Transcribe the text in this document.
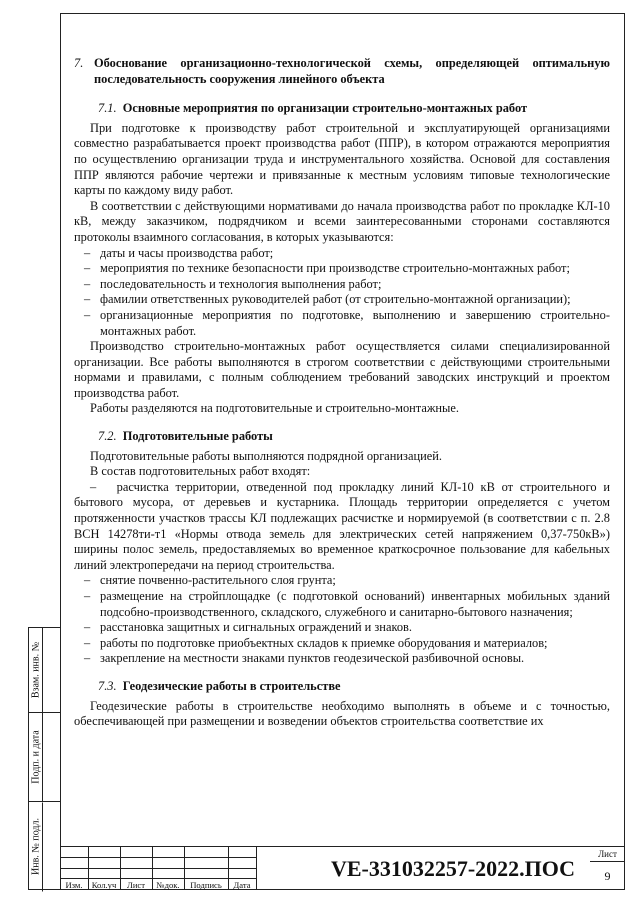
Взам. инв. №
Подп. и дата
Инв. № подл.

7. Обоснование организационно-технологической схемы, определяющей оптимальную последовательность сооружения линейного объекта

7.1. Основные мероприятия по организации строительно-монтажных работ

При подготовке к производству работ строительной и эксплуатирующей организациями совместно разрабатывается проект производства работ (ППР), в котором отражаются мероприятия по осуществлению организации труда и инструментального хозяйства. Основой для составления ППР являются рабочие чертежи и привязанные к местным условиям типовые технологические карты по каждому виду работ.

В соответствии с действующими нормативами до начала производства работ по прокладке КЛ-10 кВ, между заказчиком, подрядчиком и всеми заинтересованными сторонами составляются протоколы взаимного согласования, в которых указываются:

– даты и часы производства работ;
– мероприятия по технике безопасности при производстве строительно-монтажных работ;
– последовательность и технология выполнения работ;
– фамилии ответственных руководителей работ (от строительно-монтажной организации);
– организационные мероприятия по подготовке, выполнению и завершению строительно-монтажных работ.

Производство строительно-монтажных работ осуществляется силами специализированной организации. Все работы выполняются в строгом соответствии с действующими строительными нормами и правилами, с полным соблюдением требований заводских инструкций и проектом производства работ.

Работы разделяются на подготовительные и строительно-монтажные.

7.2. Подготовительные работы

Подготовительные работы выполняются подрядной организацией.

В состав подготовительных работ входят:

– расчистка территории, отведенной под прокладку линий КЛ-10 кВ от строительного и бытового мусора, от деревьев и кустарника. Площадь территории определяется с учетом протяженности участков трассы КЛ подлежащих расчистке и нормируемой (в соответствии с п. 2.8 ВСН 14278ти-т1 «Нормы отвода земель для электрических сетей напряжением 0,37-750кВ») ширины полос земель, предоставляемых во временное краткосрочное пользование для кабельных линий электропередачи на период строительства.

– снятие почвенно-растительного слоя грунта;
– размещение на стройплощадке (с подготовкой оснований) инвентарных мобильных зданий подсобно-производственного, складского, служебного и санитарно-бытового назначения;
– расстановка защитных и сигнальных ограждений и знаков.
– работы по подготовке приобъектных складов к приемке оборудования и материалов;
– закрепление на местности знаками пунктов геодезической разбивочной основы.

7.3. Геодезические работы в строительстве

Геодезические работы в строительстве необходимо выполнять в объеме и с точностью, обеспечивающей при размещении и возведении объектов строительства соответствие их

Изм.	Кол.уч	Лист	№док.	Подпись	Дата
VE-331032257-2022.ПОС
Лист
9
